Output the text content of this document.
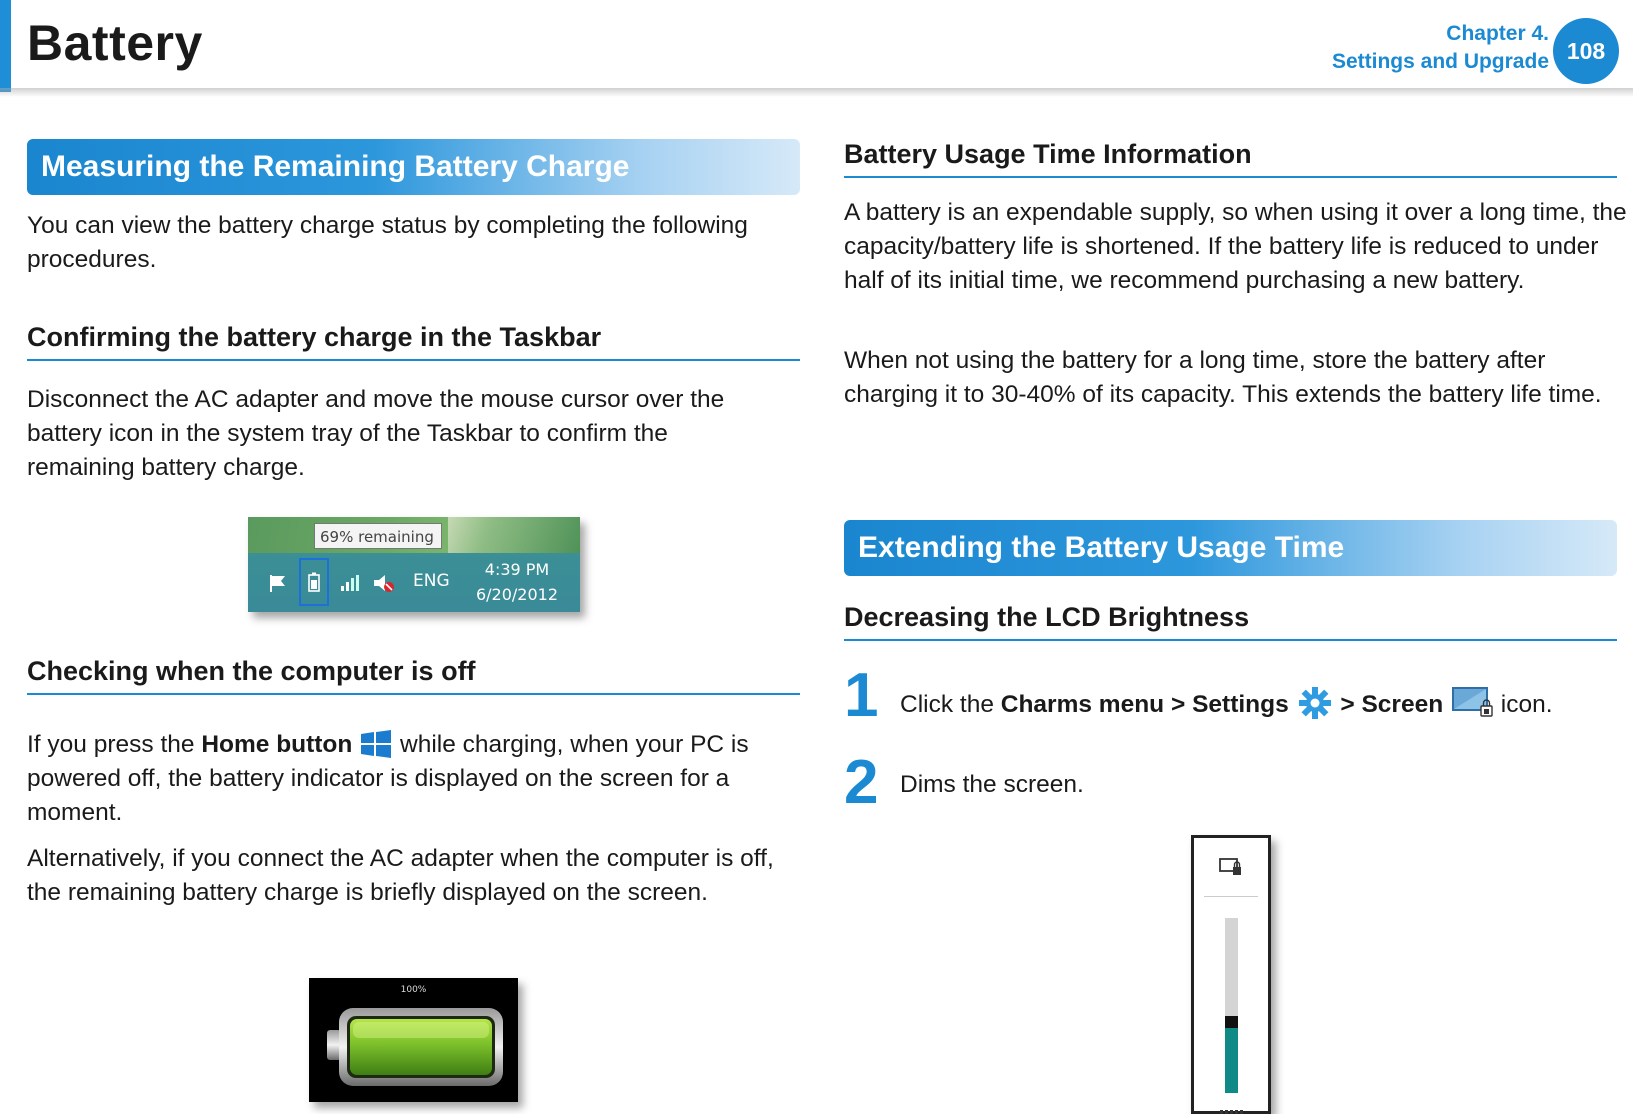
Battery	Chapter 4.
Settings and Upgrade 108
Measuring the Remaining Battery Charge
You can view the battery charge status by completing the following procedures.
Confirming the battery charge in the Taskbar
Disconnect the AC adapter and move the mouse cursor over the battery icon in the system tray of the Taskbar to confirm the remaining battery charge.
69% remaining
ENG
4:39 PM
6/20/2012
Checking when the computer is off
If you press the Home button  while charging, when your PC is powered off, the battery indicator is displayed on the screen for a moment.
Alternatively, if you connect the AC adapter when the computer is off, the remaining battery charge is briefly displayed on the screen.
100%
Battery Usage Time Information
A battery is an expendable supply, so when using it over a long time, the capacity/battery life is shortened. If the battery life is reduced to under half of its initial time, we recommend purchasing a new battery.
When not using the battery for a long time, store the battery after charging it to 30-40% of its capacity. This extends the battery life time.
Extending the Battery Usage Time
Decreasing the LCD Brightness
1 Click the Charms menu > Settings  > Screen  icon.
2 Dims the screen.
